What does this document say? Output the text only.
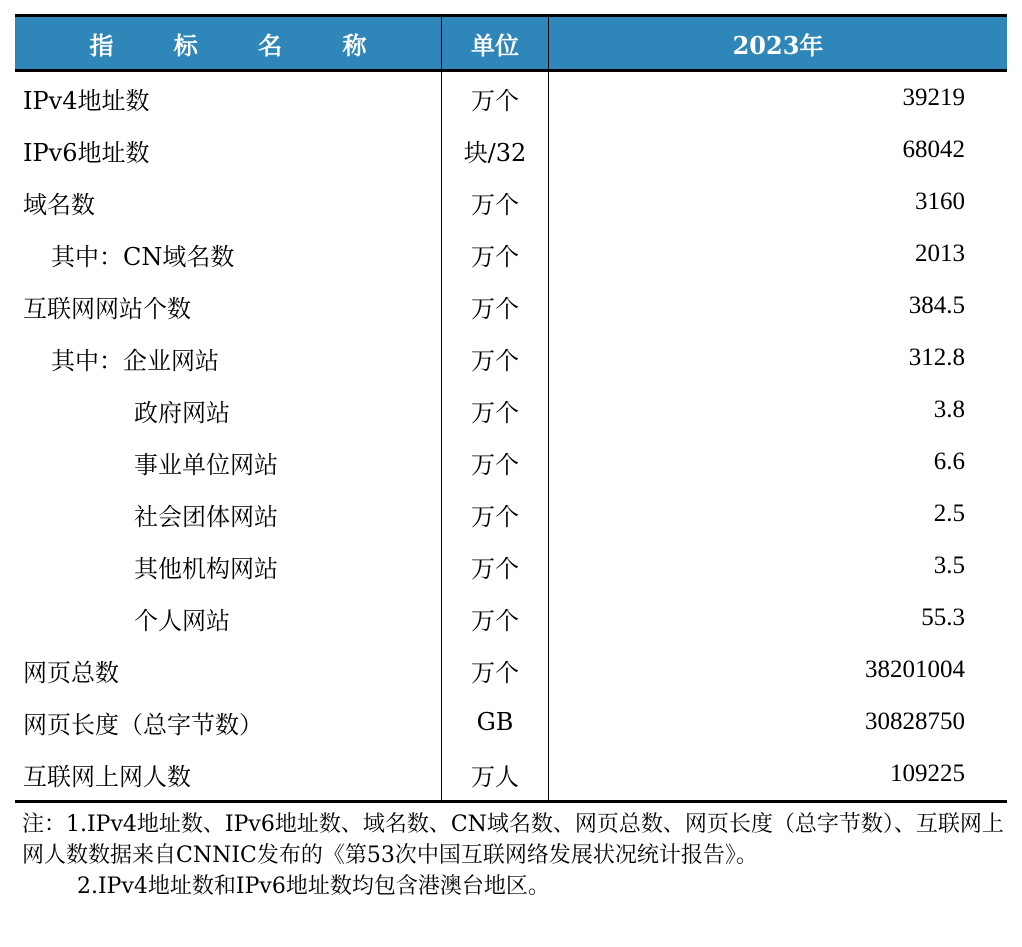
指 标 名 称	单位	2023年
IPv4地址数	万个	39219
IPv6地址数	块/32	68042
域名数	万个	3160
其中：CN域名数	万个	2013
互联网网站个数	万个	384.5
其中：企业网站	万个	312.8
政府网站	万个	3.8
事业单位网站	万个	6.6
社会团体网站	万个	2.5
其他机构网站	万个	3.5
个人网站	万个	55.3
网页总数	万个	38201004
网页长度（总字节数）	GB	30828750
互联网上网人数	万人	109225

注：1.IPv4地址数、IPv6地址数、域名数、CN域名数、网页总数、网页长度（总字节数）、互联网上网人数数据来自CNNIC发布的《第53次中国互联网络发展状况统计报告》。

2.IPv4地址数和IPv6地址数均包含港澳台地区。
